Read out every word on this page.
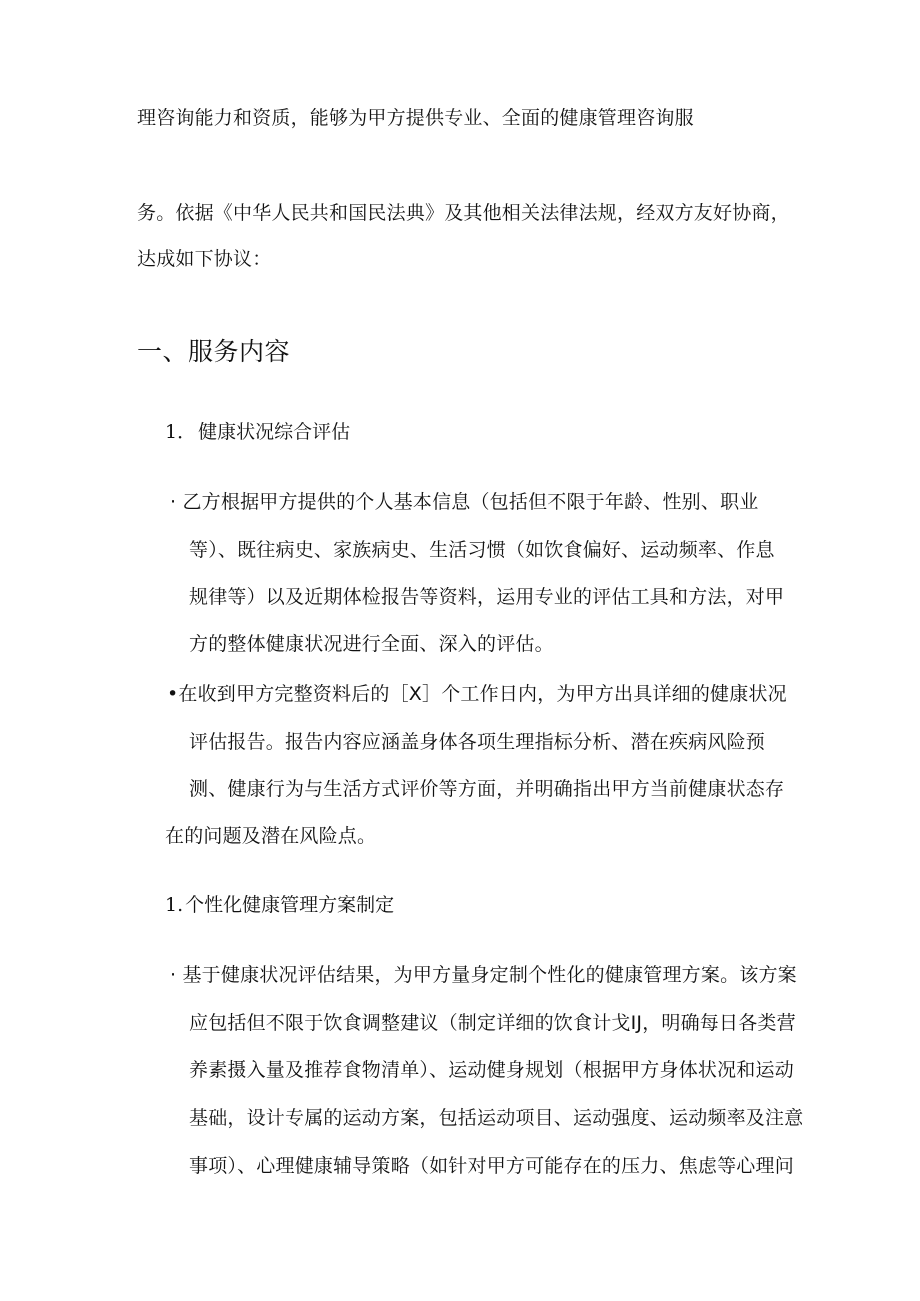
理咨询能力和资质，能够为甲方提供专业、全面的健康管理咨询服
务。依据《中华人民共和国民法典》及其他相关法律法规，经双方友好协商，
达成如下协议：
一、服务内容
1． 健康状况综合评估
· 乙方根据甲方提供的个人基本信息（包括但不限于年龄、性别、职业
等）、既往病史、家族病史、生活习惯（如饮食偏好、运动频率、作息
规律等）以及近期体检报告等资料，运用专业的评估工具和方法，对甲
方的整体健康状况进行全面、深入的评估。
•在收到甲方完整资料后的［X］个工作日内，为甲方出具详细的健康状况
评估报告。报告内容应涵盖身体各项生理指标分析、潜在疾病风险预
测、健康行为与生活方式评价等方面，并明确指出甲方当前健康状态存
在的问题及潜在风险点。
1. 个性化健康管理方案制定
· 基于健康状况评估结果，为甲方量身定制个性化的健康管理方案。该方案
应包括但不限于饮食调整建议（制定详细的饮食计戈IJ，明确每日各类营
养素摄入量及推荐食物清单）、运动健身规划（根据甲方身体状况和运动
基础，设计专属的运动方案，包括运动项目、运动强度、运动频率及注意
事项）、心理健康辅导策略（如针对甲方可能存在的压力、焦虑等心理问
